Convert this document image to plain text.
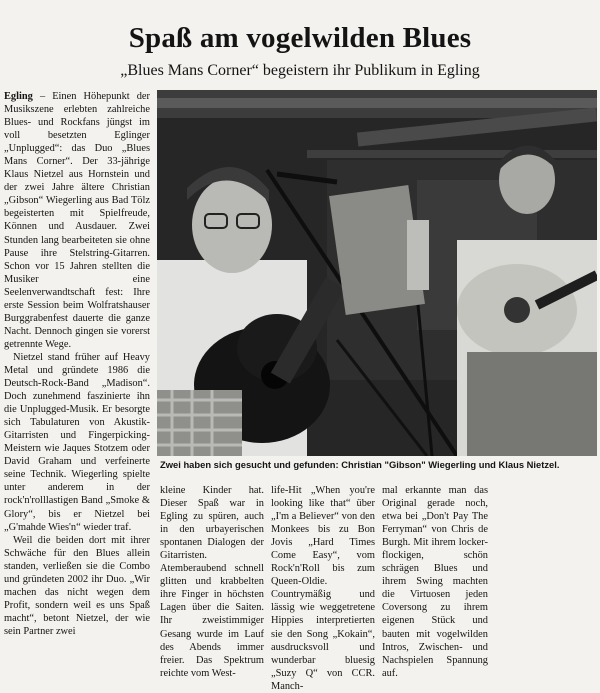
Spaß am vogelwilden Blues

„Blues Mans Corner“ begeistern ihr Publikum in Egling

Egling – Einen Höhepunkt der Musikszene erlebten zahlreiche Blues- und Rockfans jüngst im voll besetzten Eglinger „Unplugged“: das Duo „Blues Mans Corner“. Der 33-jährige Klaus Nietzel aus Hornstein und der zwei Jahre ältere Christian „Gibson“ Wiegerling aus Bad Tölz begeisterten mit Spielfreude, Können und Ausdauer. Zwei Stunden lang bearbeiteten sie ohne Pause ihre Stelstring-Gitarren. Schon vor 15 Jahren stellten die Musiker eine Seelenverwandtschaft fest: Ihre erste Session beim Wolfratshauser Burggrabenfest dauerte die ganze Nacht. Dennoch gingen sie vorerst getrennte Wege.

Nietzel stand früher auf Heavy Metal und gründete 1986 die Deutsch-Rock-Band „Madison“. Doch zunehmend faszinierte ihn die Unplugged-Musik. Er besorgte sich Tabulaturen von Akustik-Gitarristen und Fingerpicking-Meistern wie Jaques Stotzem oder David Graham und verfeinerte seine Technik. Wiegerling spielte unter anderem in der rock'n'rolllastigen Band „Smoke & Glory“, bis er Nietzel bei „G'mahde Wies'n“ wieder traf.

Weil die beiden dort mit ihrer Schwäche für den Blues allein standen, verließen sie die Combo und gründeten 2002 ihr Duo. „Wir machen das nicht wegen dem Profit, sondern weil es uns Spaß macht“, betont Nietzel, der wie sein Partner zwei

Zwei haben sich gesucht und gefunden: Christian "Gibson" Wiegerling und Klaus Nietzel.

kleine Kinder hat. Dieser Spaß war in Egling zu spüren, auch in den urbayerischen spontanen Dialogen der Gitarristen. Atemberaubend schnell glitten und krabbelten ihre Finger in höchsten Lagen über die Saiten. Ihr zweistimmiger Gesang wurde im Lauf des Abends immer freier. Das Spektrum reichte vom West-

life-Hit „When you're looking like that“ über „I'm a Believer“ von den Monkees bis zu Bon Jovis „Hard Times Come Easy“, vom Rock'n'Roll bis zum Queen-Oldie. Countrymäßig und lässig wie weggetretene Hippies interpretierten sie den Song „Kokain“, ausdrucksvoll und wunderbar bluesig „Suzy Q“ von CCR. Manch-

mal erkannte man das Original gerade noch, etwa bei „Don't Pay The Ferryman“ von Chris de Burgh. Mit ihrem locker-flockigen, schön schrägen Blues und ihrem Swing machten die Virtuosen jeden Coversong zu ihrem eigenen Stück und bauten mit vogelwilden Intros, Zwischen- und Nachspielen Spannung auf.
